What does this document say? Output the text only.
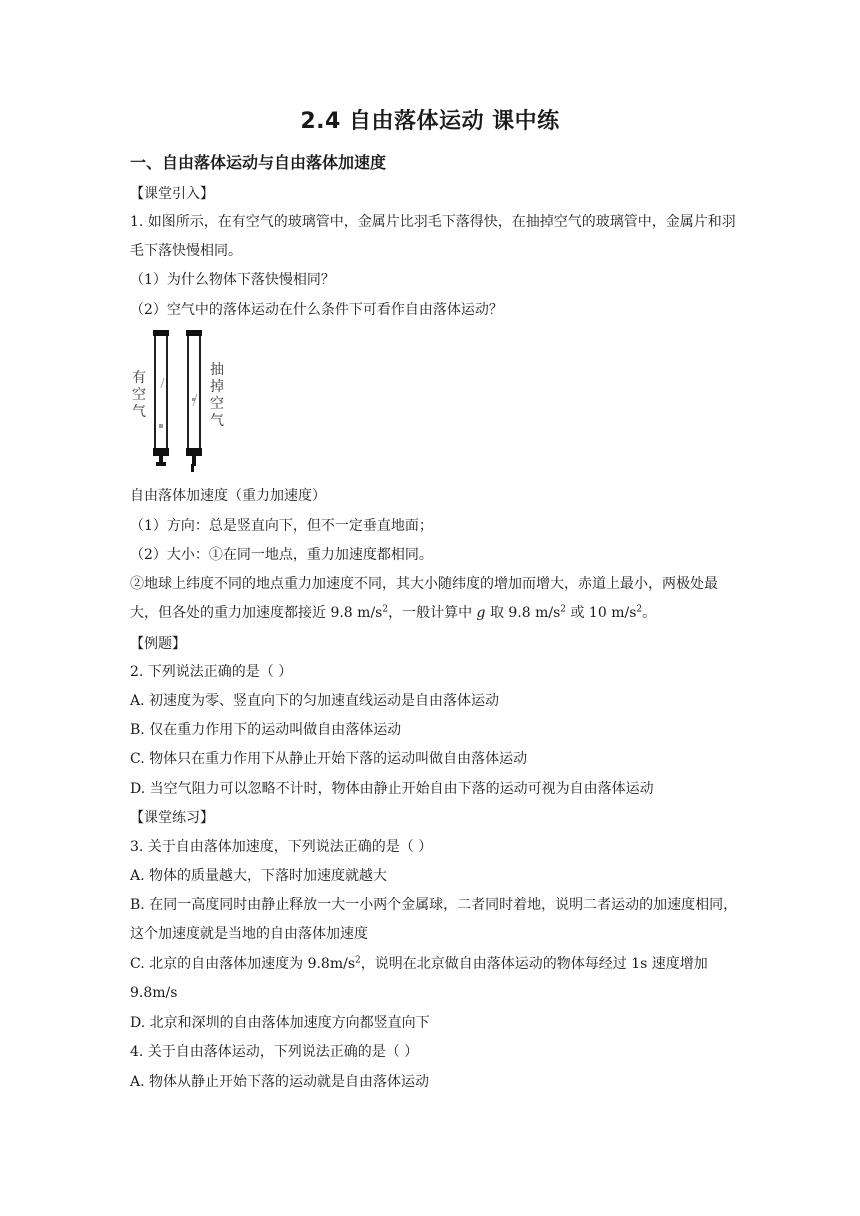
2.4 自由落体运动 课中练
一、自由落体运动与自由落体加速度
【课堂引入】
1. 如图所示，在有空气的玻璃管中，金属片比羽毛下落得快，在抽掉空气的玻璃管中，金属片和羽毛下落快慢相同。
（1）为什么物体下落快慢相同？
（2）空气中的落体运动在什么条件下可看作自由落体运动？
有
空
气
抽
掉
空
气
自由落体加速度（重力加速度）
（1）方向：总是竖直向下，但不一定垂直地面；
（2）大小：①在同一地点，重力加速度都相同。
②地球上纬度不同的地点重力加速度不同，其大小随纬度的增加而增大，赤道上最小，两极处最大，但各处的重力加速度都接近 9.8 $m/s^2$，一般计算中 g 取 9.8 $m/s^2$ 或 10 $m/s^2$。
【例题】
2. 下列说法正确的是（ ）
A. 初速度为零、竖直向下的匀加速直线运动是自由落体运动
B. 仅在重力作用下的运动叫做自由落体运动
C. 物体只在重力作用下从静止开始下落的运动叫做自由落体运动
D. 当空气阻力可以忽略不计时，物体由静止开始自由下落的运动可视为自由落体运动
【课堂练习】
3. 关于自由落体加速度，下列说法正确的是（ ）
A. 物体的质量越大，下落时加速度就越大
B. 在同一高度同时由静止释放一大一小两个金属球，二者同时着地，说明二者运动的加速度相同，这个加速度就是当地的自由落体加速度
C. 北京的自由落体加速度为 $9.8m/s^2$，说明在北京做自由落体运动的物体每经过 1s 速度增加 9.8m/s
D. 北京和深圳的自由落体加速度方向都竖直向下
4. 关于自由落体运动，下列说法正确的是（ ）
A. 物体从静止开始下落的运动就是自由落体运动
